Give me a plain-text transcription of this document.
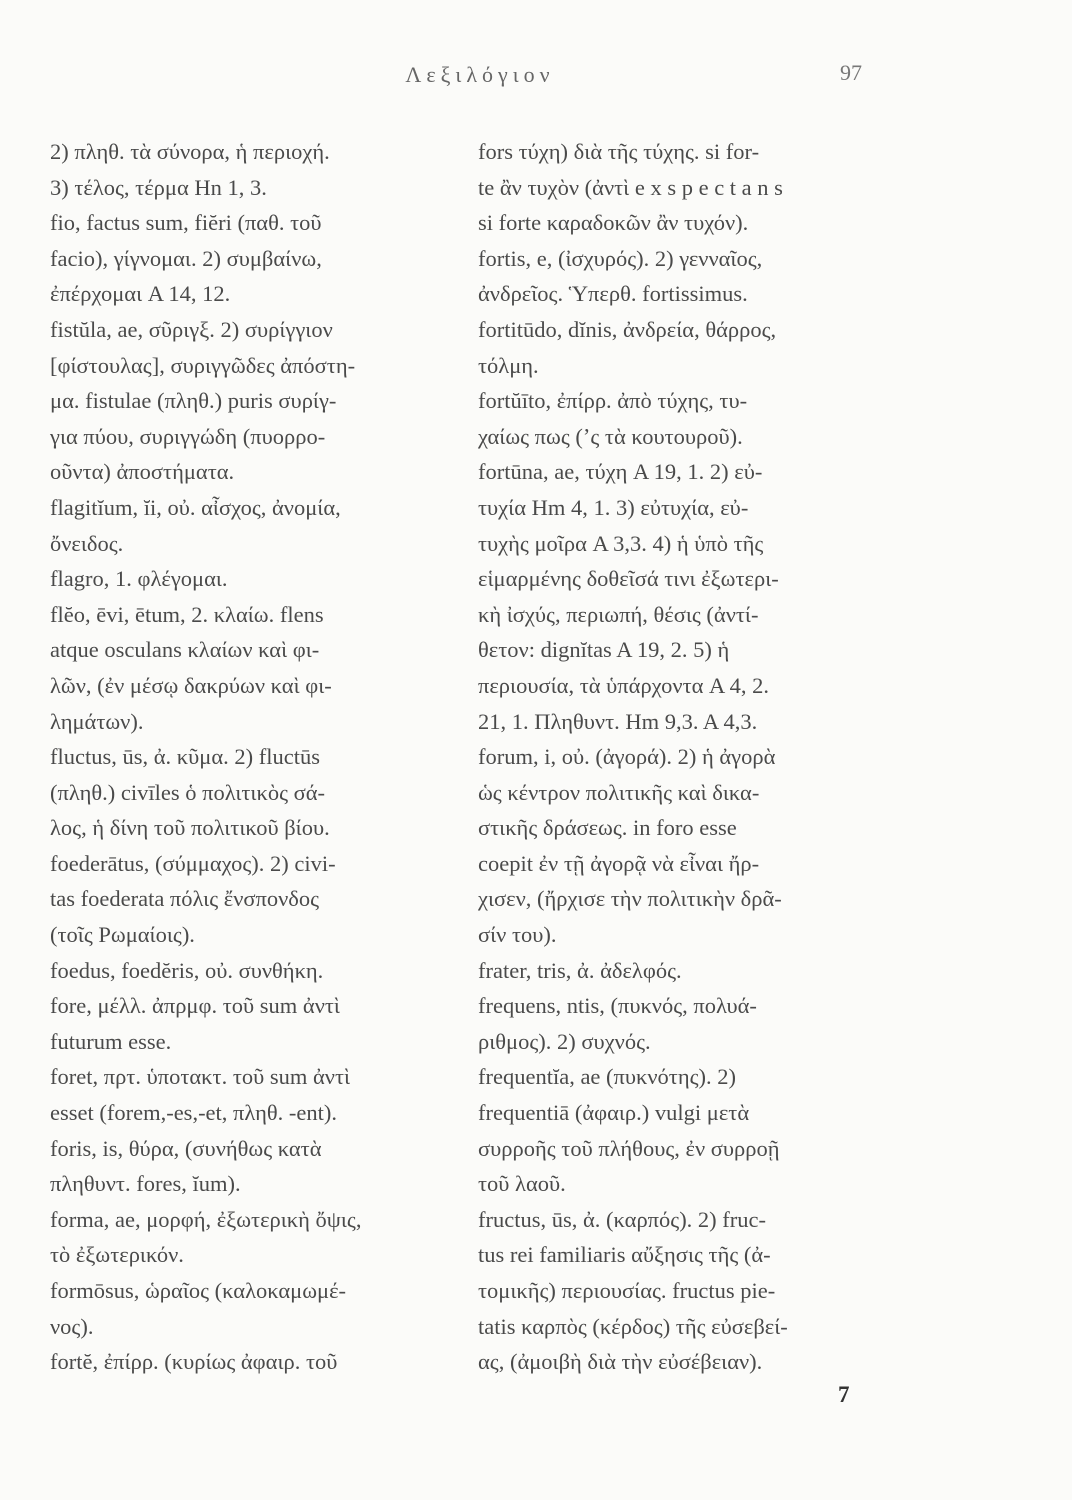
Λεξιλόγιον	97
2) πληθ. τὰ σύνορα, ἡ περιοχή.
3) τέλος, τέρμα Hn 1, 3.
fio, factus sum, fiĕri (παθ. τοῦ
facio), γίγνομαι. 2) συμβαίνω,
ἐπέρχομαι A 14, 12.
fistŭla, ae, σῦριγξ. 2) συρίγγιον
[φίστουλας], συριγγῶδες ἀπόστη-
μα. fistulae (πληθ.) puris συρίγ-
για πύου, συριγγώδη (πυορρο-
οῦντα) ἀποστήματα.
flagitĭum, ĭi, οὐ. αἶσχος, ἀνομία,
ὄνειδος.
flagro, 1. φλέγομαι.
flĕo, ēvi, ētum, 2. κλαίω. flens
atque osculans κλαίων καὶ φι-
λῶν, (ἐν μέσῳ δακρύων καὶ φι-
λημάτων).
fluctus, ūs, ἀ. κῦμα. 2) fluctūs
(πληθ.) civīles ὁ πολιτικὸς σά-
λος, ἡ δίνη τοῦ πολιτικοῦ βίου.
foederātus, (σύμμαχος). 2) civi-
tas foederata πόλις ἔνσπονδος
(τοῖς Ρωμαίοις).
foedus, foedĕris, οὐ. συνθήκη.
fore, μέλλ. ἀπρμφ. τοῦ sum ἀντὶ
futurum esse.
foret, πρτ. ὑποτακτ. τοῦ sum ἀντὶ
esset (forem,-es,-et, πληθ. -ent).
foris, is, θύρα, (συνήθως κατὰ
πληθυντ. fores, ĭum).
forma, ae, μορφή, ἐξωτερικὴ ὄψις,
τὸ ἐξωτερικόν.
formōsus, ὡραῖος (καλοκαμωμέ-
νος).
fortĕ, ἐπίρρ. (κυρίως ἀφαιρ. τοῦ
fors τύχη) διὰ τῆς τύχης. si for-
te ἂν τυχὸν (ἀντὶ e x s p e c t a n s
si forte καραδοκῶν ἂν τυχόν).
fortis, e, (ἰσχυρός). 2) γενναῖος,
ἀνδρεῖος. Ὑπερθ. fortissimus.
fortitūdo, dĭnis, ἀνδρεία, θάρρος,
τόλμη.
fortŭīto, ἐπίρρ. ἀπὸ τύχης, τυ-
χαίως πως (ʼς τὰ κουτουροῦ).
fortūna, ae, τύχη A 19, 1. 2) εὐ-
τυχία Hm 4, 1. 3) εὐτυχία, εὐ-
τυχὴς μοῖρα A 3,3. 4) ἡ ὑπὸ τῆς
εἱμαρμένης δοθεῖσά τινι ἐξωτερι-
κὴ ἰσχύς, περιωπή, θέσις (ἀντί-
θετον: dignĭtas A 19, 2. 5) ἡ
περιουσία, τὰ ὑπάρχοντα A 4, 2.
21, 1. Πληθυντ. Hm 9,3. A 4,3.
forum, i, οὐ. (ἀγορά). 2) ἡ ἀγορὰ
ὡς κέντρον πολιτικῆς καὶ δικα-
στικῆς δράσεως. in foro esse
coepit ἐν τῇ ἀγορᾷ νὰ εἶναι ἤρ-
χισεν, (ἤρχισε τὴν πολιτικὴν δρᾶ-
σίν του).
frater, tris, ἀ. ἀδελφός.
frequens, ntis, (πυκνός, πολυά-
ριθμος). 2) συχνός.
frequentĭa, ae (πυκνότης). 2)
frequentiā (ἀφαιρ.) vulgi μετὰ
συρροῆς τοῦ πλήθους, ἐν συρροῇ
τοῦ λαοῦ.
fructus, ūs, ἀ. (καρπός). 2) fruc-
tus rei familiaris αὔξησις τῆς (ἀ-
τομικῆς) περιουσίας. fructus pie-
tatis καρπὸς (κέρδος) τῆς εὐσεβεί-
ας, (ἀμοιβὴ διὰ τὴν εὐσέβειαν).
7
